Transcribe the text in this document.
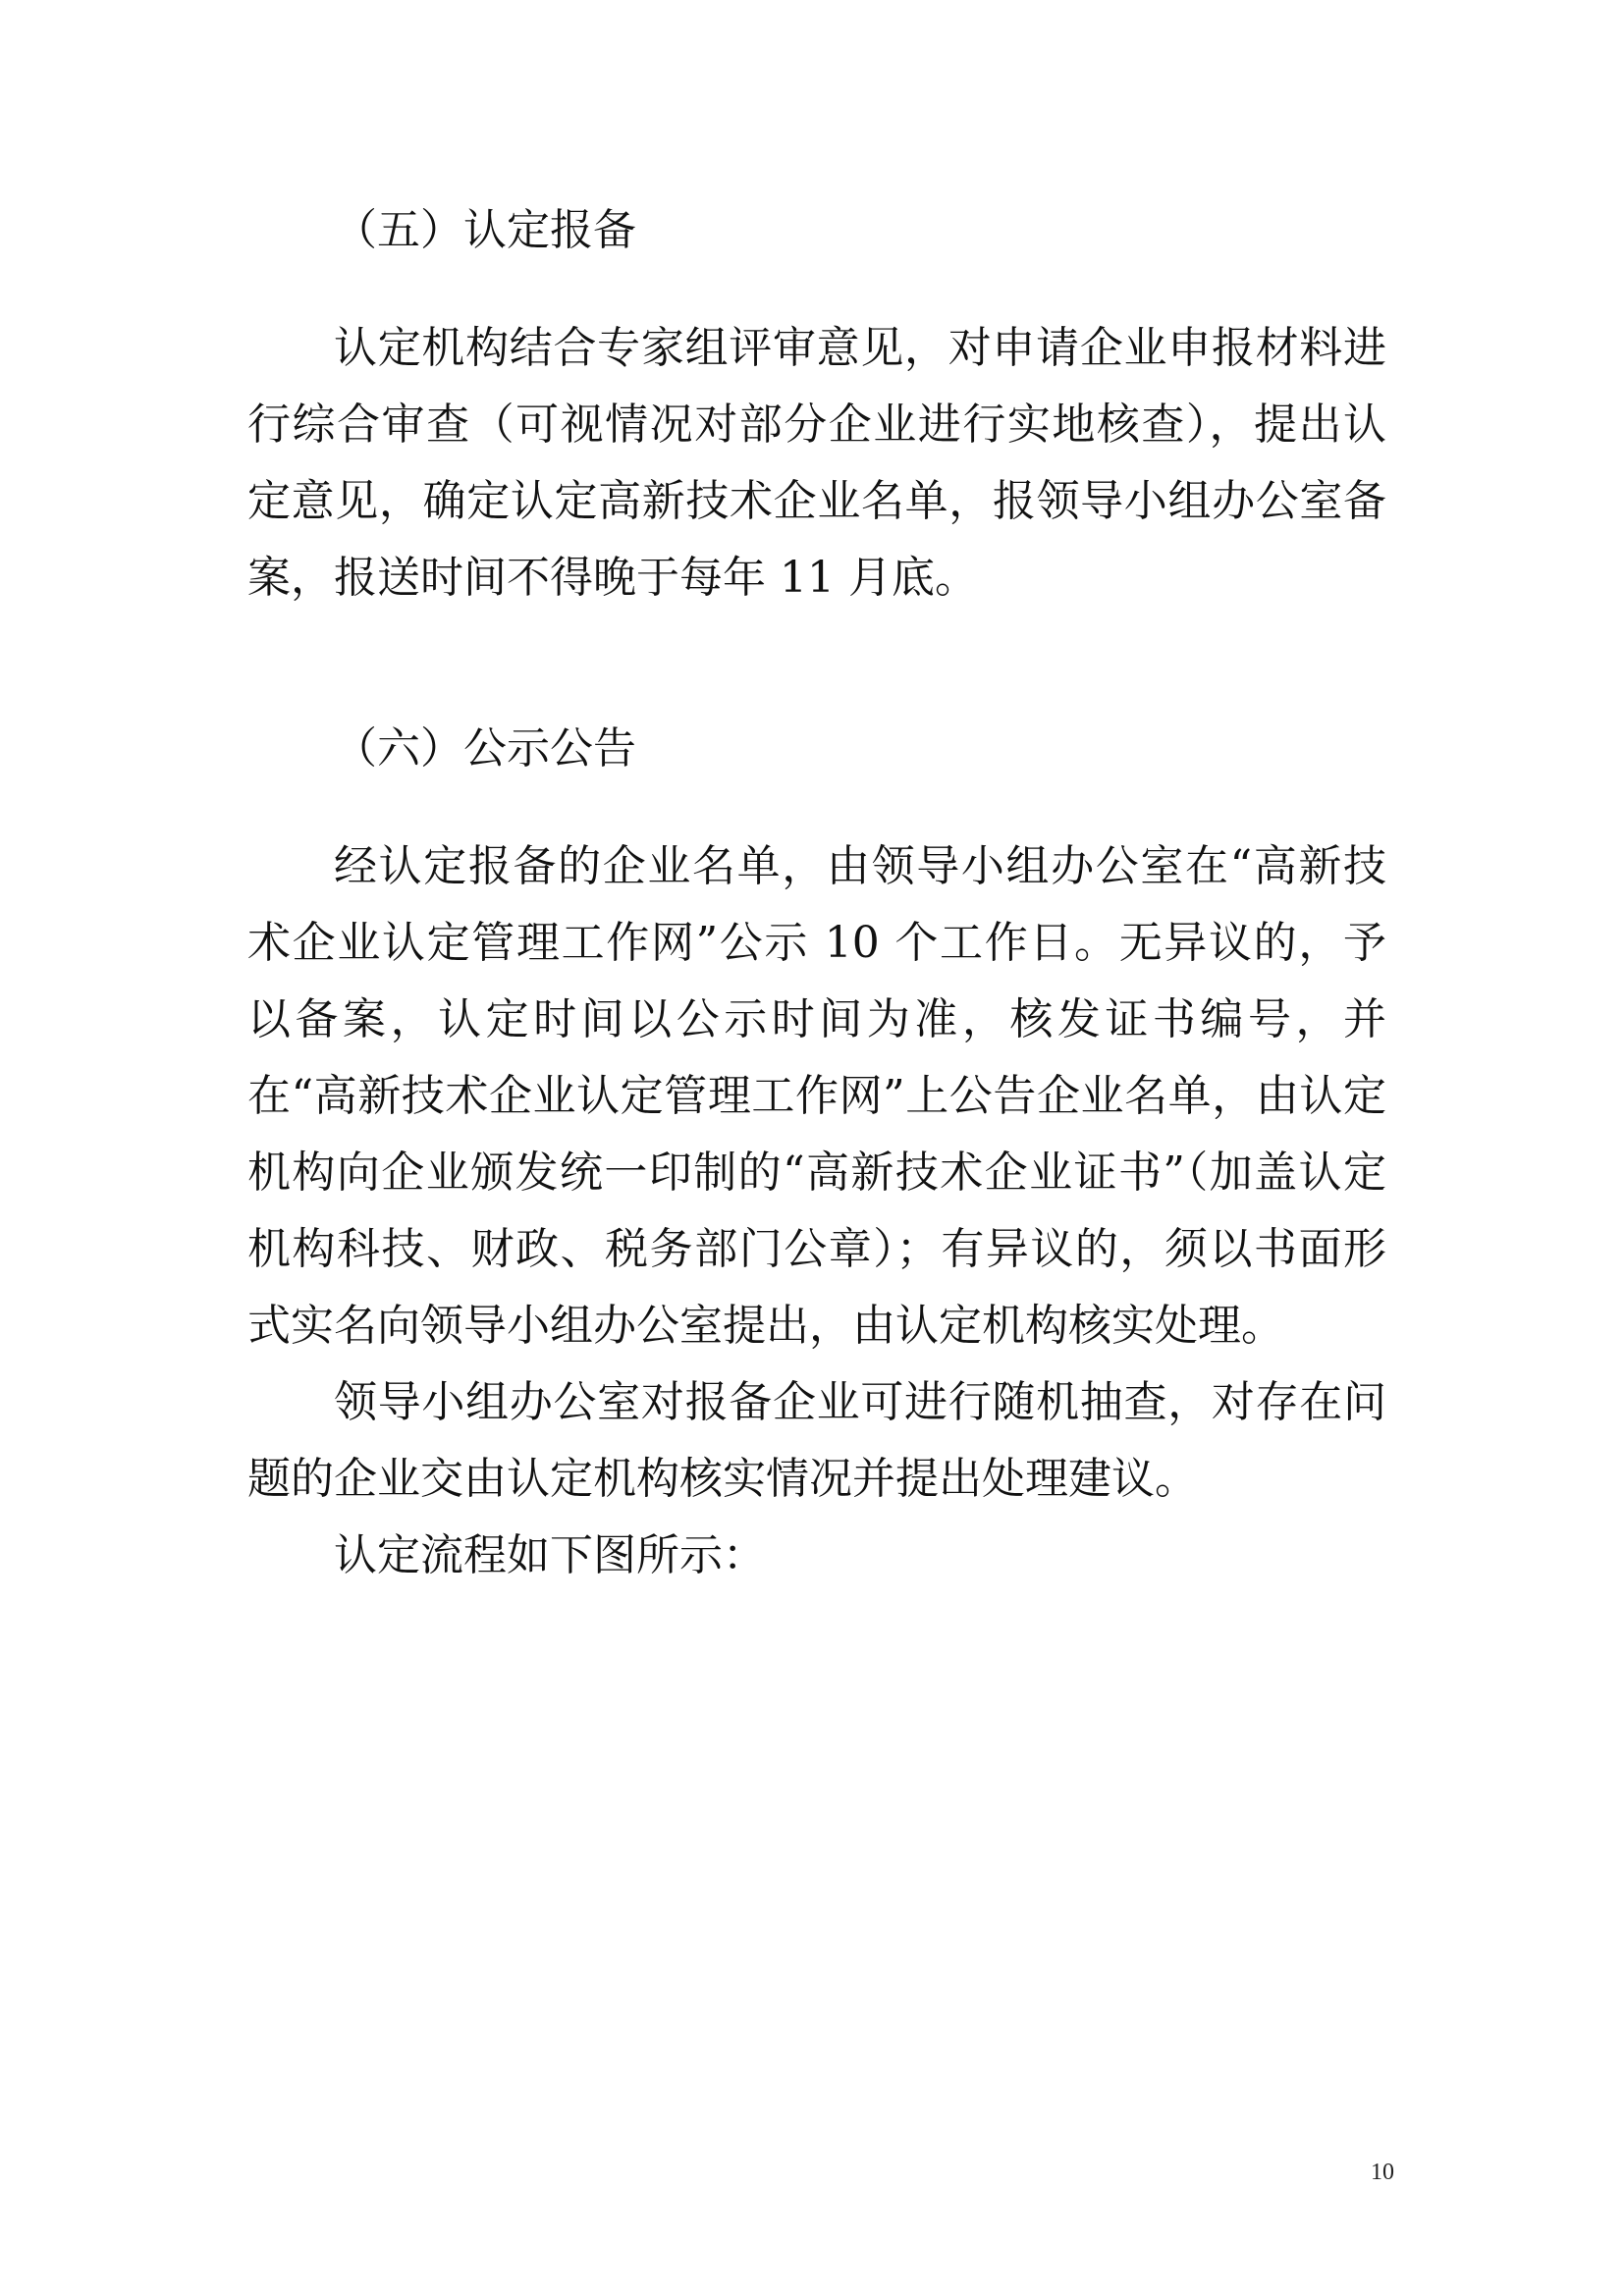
（五）认定报备

认定机构结合专家组评审意见，对申请企业申报材料进行综合审查（可视情况对部分企业进行实地核查），提出认定意见，确定认定高新技术企业名单，报领导小组办公室备案，报送时间不得晚于每年 11 月底。

（六）公示公告

经认定报备的企业名单，由领导小组办公室在“高新技术企业认定管理工作网”公示 10 个工作日。无异议的，予以备案，认定时间以公示时间为准，核发证书编号，并在“高新技术企业认定管理工作网”上公告企业名单，由认定机构向企业颁发统一印制的“高新技术企业证书”（加盖认定机构科技、财政、税务部门公章）；有异议的，须以书面形式实名向领导小组办公室提出，由认定机构核实处理。

领导小组办公室对报备企业可进行随机抽查，对存在问题的企业交由认定机构核实情况并提出处理建议。

认定流程如下图所示：

10
